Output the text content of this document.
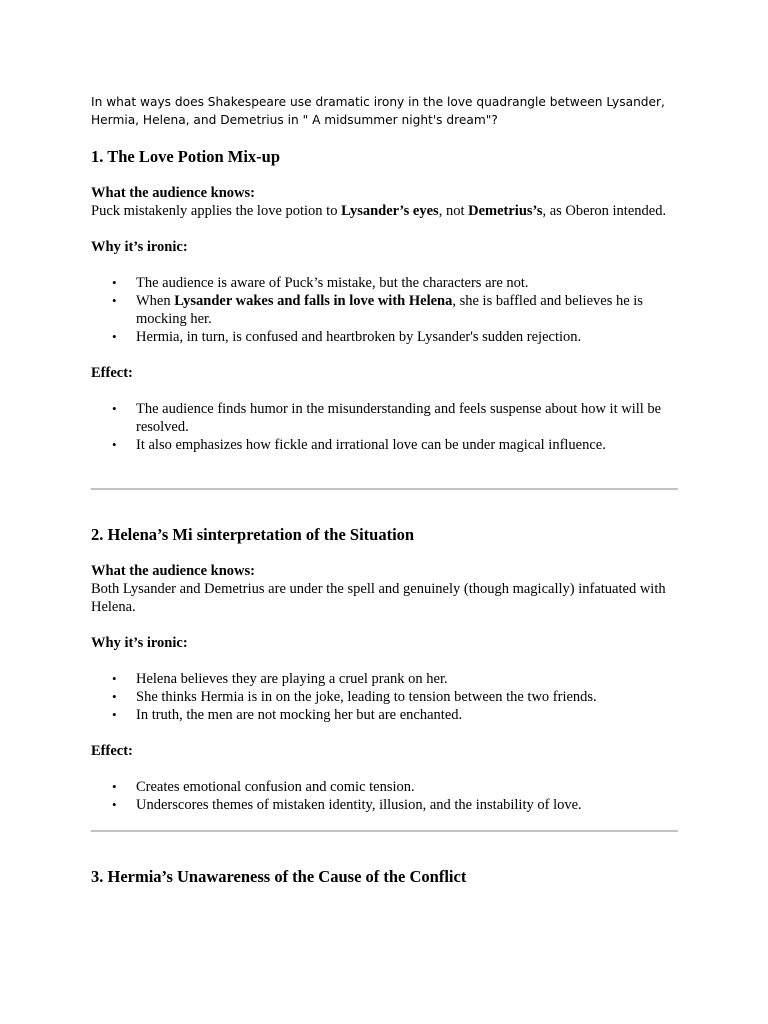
In what ways does Shakespeare use dramatic irony in the love quadrangle between Lysander, Hermia, Helena, and Demetrius in " A midsummer night's dream"?
1. The Love Potion Mix-up
What the audience knows:
Puck mistakenly applies the love potion to Lysander’s eyes, not Demetrius’s, as Oberon intended.
Why it’s ironic:
• The audience is aware of Puck’s mistake, but the characters are not.
• When Lysander wakes and falls in love with Helena, she is baffled and believes he is mocking her.
• Hermia, in turn, is confused and heartbroken by Lysander's sudden rejection.
Effect:
• The audience finds humor in the misunderstanding and feels suspense about how it will be resolved.
• It also emphasizes how fickle and irrational love can be under magical influence.
2. Helena’s Mi sinterpretation of the Situation
What the audience knows:
Both Lysander and Demetrius are under the spell and genuinely (though magically) infatuated with Helena.
Why it’s ironic:
• Helena believes they are playing a cruel prank on her.
• She thinks Hermia is in on the joke, leading to tension between the two friends.
• In truth, the men are not mocking her but are enchanted.
Effect:
• Creates emotional confusion and comic tension.
• Underscores themes of mistaken identity, illusion, and the instability of love.
3. Hermia’s Unawareness of the Cause of the Conflict
